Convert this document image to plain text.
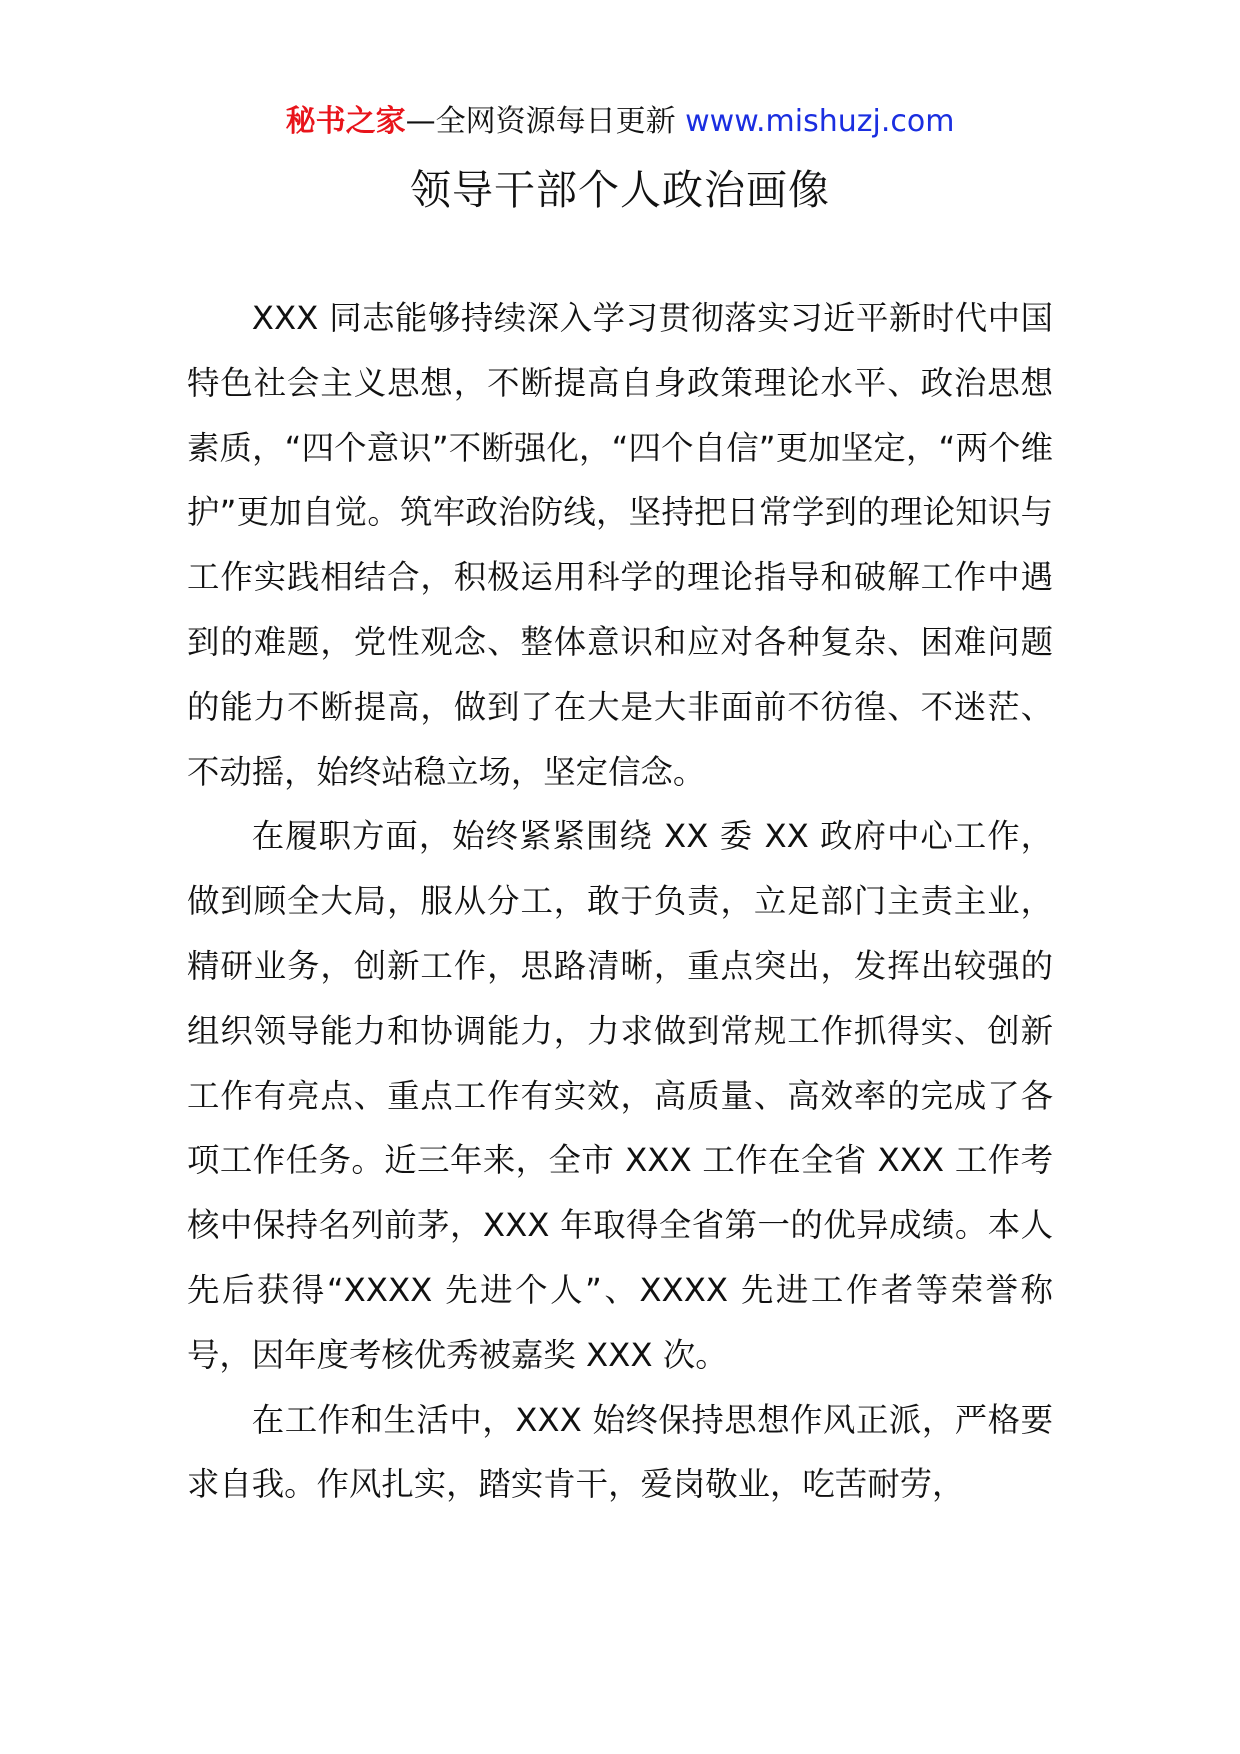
秘书之家—全网资源每日更新 www.mishuzj.com
领导干部个人政治画像

XXX 同志能够持续深入学习贯彻落实习近平新时代中国特色社会主义思想，不断提高自身政策理论水平、政治思想素质，“四个意识”不断强化，“四个自信”更加坚定，“两个维护”更加自觉。筑牢政治防线，坚持把日常学到的理论知识与工作实践相结合，积极运用科学的理论指导和破解工作中遇到的难题，党性观念、整体意识和应对各种复杂、困难问题的能力不断提高，做到了在大是大非面前不彷徨、不迷茫、不动摇，始终站稳立场，坚定信念。

在履职方面，始终紧紧围绕 XX 委 XX 政府中心工作，做到顾全大局，服从分工，敢于负责，立足部门主责主业，精研业务，创新工作，思路清晰，重点突出，发挥出较强的组织领导能力和协调能力，力求做到常规工作抓得实、创新工作有亮点、重点工作有实效，高质量、高效率的完成了各项工作任务。近三年来，全市 XXX 工作在全省 XXX 工作考核中保持名列前茅，XXX 年取得全省第一的优异成绩。本人先后获得“XXXX 先进个人”、XXXX 先进工作者等荣誉称号，因年度考核优秀被嘉奖 XXX 次。

在工作和生活中，XXX 始终保持思想作风正派，严格要求自我。作风扎实，踏实肯干，爱岗敬业，吃苦耐劳，
